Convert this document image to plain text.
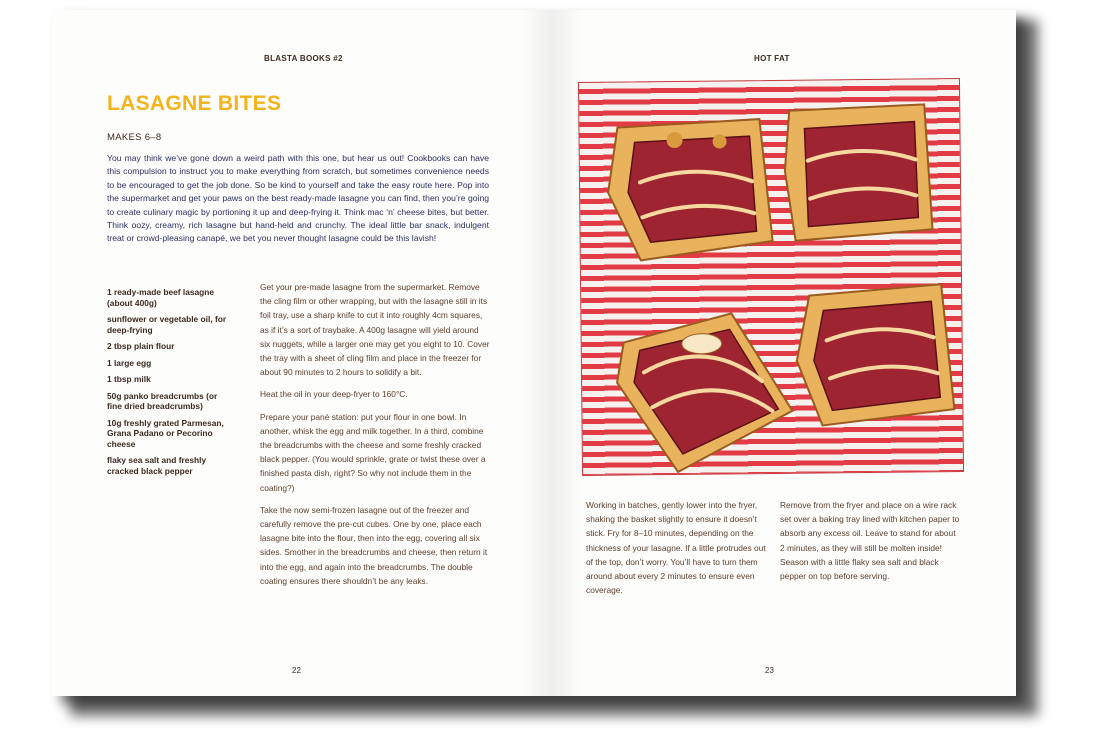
BLASTA BOOKS #2
LASAGNE BITES
MAKES 6–8

You may think we’ve gone down a weird path with this one, but hear us out! Cookbooks can have this compulsion to instruct you to make everything from scratch, but sometimes convenience needs to be encouraged to get the job done. So be kind to yourself and take the easy route here. Pop into the supermarket and get your paws on the best ready-made lasagne you can find, then you’re going to create culinary magic by portioning it up and deep-frying it. Think mac ‘n’ cheese bites, but better. Think oozy, creamy, rich lasagne but hand-held and crunchy. The ideal little bar snack, indulgent treat or crowd-pleasing canapé, we bet you never thought lasagne could be this lavish!

1 ready-made beef lasagne (about 400g)
sunflower or vegetable oil, for deep-frying
2 tbsp plain flour
1 large egg
1 tbsp milk
50g panko breadcrumbs (or fine dried breadcrumbs)
10g freshly grated Parmesan, Grana Padano or Pecorino cheese
flaky sea salt and freshly cracked black pepper

Get your pre-made lasagne from the supermarket. Remove the cling film or other wrapping, but with the lasagne still in its foil tray, use a sharp knife to cut it into roughly 4cm squares, as if it’s a sort of traybake. A 400g lasagne will yield around six nuggets, while a larger one may get you eight to 10. Cover the tray with a sheet of cling film and place in the freezer for about 90 minutes to 2 hours to solidify a bit.

Heat the oil in your deep-fryer to 160°C.

Prepare your pané station: put your flour in one bowl. In another, whisk the egg and milk together. In a third, combine the breadcrumbs with the cheese and some freshly cracked black pepper. (You would sprinkle, grate or twist these over a finished pasta dish, right? So why not include them in the coating?)

Take the now semi-frozen lasagne out of the freezer and carefully remove the pre-cut cubes. One by one, place each lasagne bite into the flour, then into the egg, covering all six sides. Smother in the breadcrumbs and cheese, then return it into the egg, and again into the breadcrumbs. The double coating ensures there shouldn’t be any leaks.

22
HOT FAT

Working in batches, gently lower into the fryer, shaking the basket slightly to ensure it doesn’t stick. Fry for 8–10 minutes, depending on the thickness of your lasagne. If a little protrudes out of the top, don’t worry. You’ll have to turn them around about every 2 minutes to ensure even coverage.

Remove from the fryer and place on a wire rack set over a baking tray lined with kitchen paper to absorb any excess oil. Leave to stand for about 2 minutes, as they will still be molten inside! Season with a little flaky sea salt and black pepper on top before serving.

23
